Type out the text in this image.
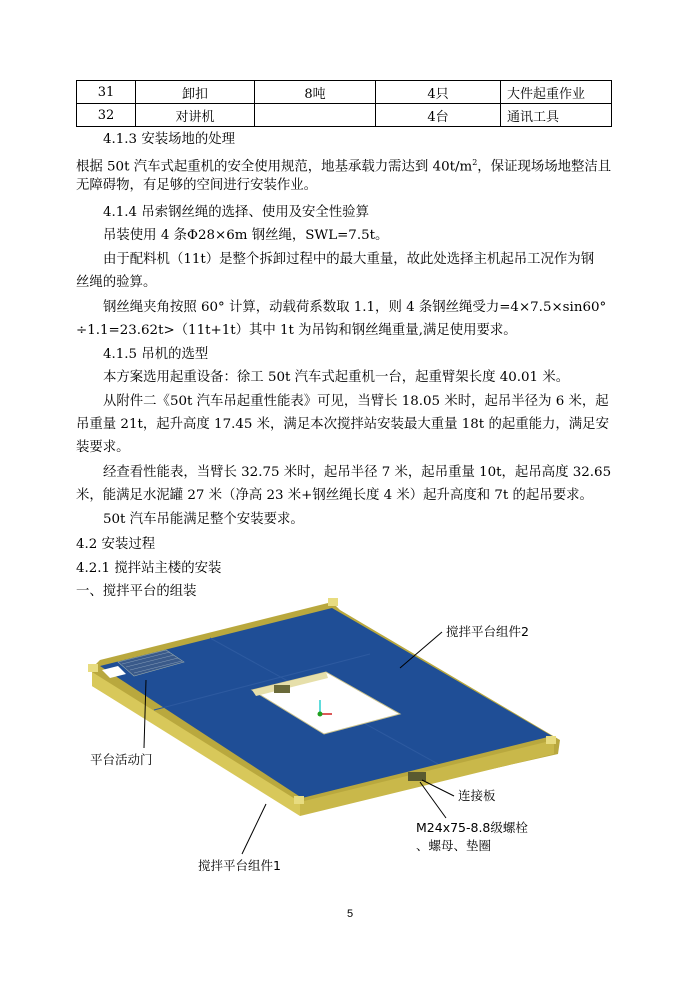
31	卸扣	8吨	4只	大件起重作业
32	对讲机		4台	通讯工具
4.1.3 安装场地的处理
根据 50t 汽车式起重机的安全使用规范，地基承载力需达到 $40t/m^2$，保证现场场地整洁且
无障碍物，有足够的空间进行安装作业。
4.1.4 吊索钢丝绳的选择、使用及安全性验算
吊装使用 4 条Φ28×6m 钢丝绳，SWL=7.5t。
由于配料机（11t）是整个拆卸过程中的最大重量，故此处选择主机起吊工况作为钢
丝绳的验算。
钢丝绳夹角按照 60° 计算，动载荷系数取 1.1，则 4 条钢丝绳受力=4×7.5×sin60°
÷1.1=23.62t>（11t+1t）其中 1t 为吊钩和钢丝绳重量,满足使用要求。
4.1.5 吊机的选型
本方案选用起重设备：徐工 50t 汽车式起重机一台，起重臂架长度 40.01 米。
从附件二《50t 汽车吊起重性能表》可见，当臂长 18.05 米时，起吊半径为 6 米，起
吊重量 21t，起升高度 17.45 米，满足本次搅拌站安装最大重量 18t 的起重能力，满足安
装要求。
经查看性能表，当臂长 32.75 米时，起吊半径 7 米，起吊重量 10t，起吊高度 32.65
米，能满足水泥罐 27 米（净高 23 米+钢丝绳长度 4 米）起升高度和 7t 的起吊要求。
50t 汽车吊能满足整个安装要求。
4.2 安装过程
4.2.1 搅拌站主楼的安装
一、搅拌平台的组装
搅拌平台组件2
平台活动门
连接板
M24x75-8.8级螺栓
、螺母、垫圈
搅拌平台组件1
5
